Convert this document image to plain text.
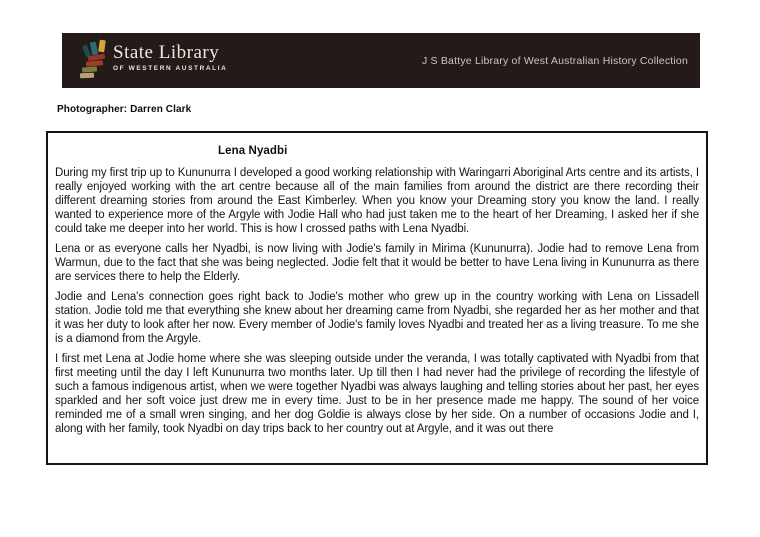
State Library
OF WESTERN AUSTRALIA
J S Battye Library of West Australian History Collection
Photographer: Darren Clark
Lena Nyadbi

During my first trip up to Kununurra I developed a good working relationship with Waringarri Aboriginal Arts centre and its artists, I really enjoyed working with the art centre because all of the main families from around the district are there recording their different dreaming stories from around the East Kimberley. When you know your Dreaming story you know the land. I really wanted to experience more of the Argyle with Jodie Hall who had just taken me to the heart of her Dreaming, I asked her if she could take me deeper into her world. This is how I crossed paths with Lena Nyadbi.

Lena or as everyone calls her Nyadbi, is now living with Jodie's family in Mirima (Kununurra). Jodie had to remove Lena from Warmun, due to the fact that she was being neglected. Jodie felt that it would be better to have Lena living in Kununurra as there are services there to help the Elderly.

Jodie and Lena's connection goes right back to Jodie's mother who grew up in the country working with Lena on Lissadell station. Jodie told me that everything she knew about her dreaming came from Nyadbi, she regarded her as her mother and that it was her duty to look after her now. Every member of Jodie's family loves Nyadbi and treated her as a living treasure. To me she is a diamond from the Argyle.

I first met Lena at Jodie home where she was sleeping outside under the veranda, I was totally captivated with Nyadbi from that first meeting until the day I left Kununurra two months later. Up till then I had never had the privilege of recording the lifestyle of such a famous indigenous artist, when we were together Nyadbi was always laughing and telling stories about her past, her eyes sparkled and her soft voice just drew me in every time. Just to be in her presence made me happy. The sound of her voice reminded me of a small wren singing, and her dog Goldie is always close by her side. On a number of occasions Jodie and I, along with her family, took Nyadbi on day trips back to her country out at Argyle, and it was out there
